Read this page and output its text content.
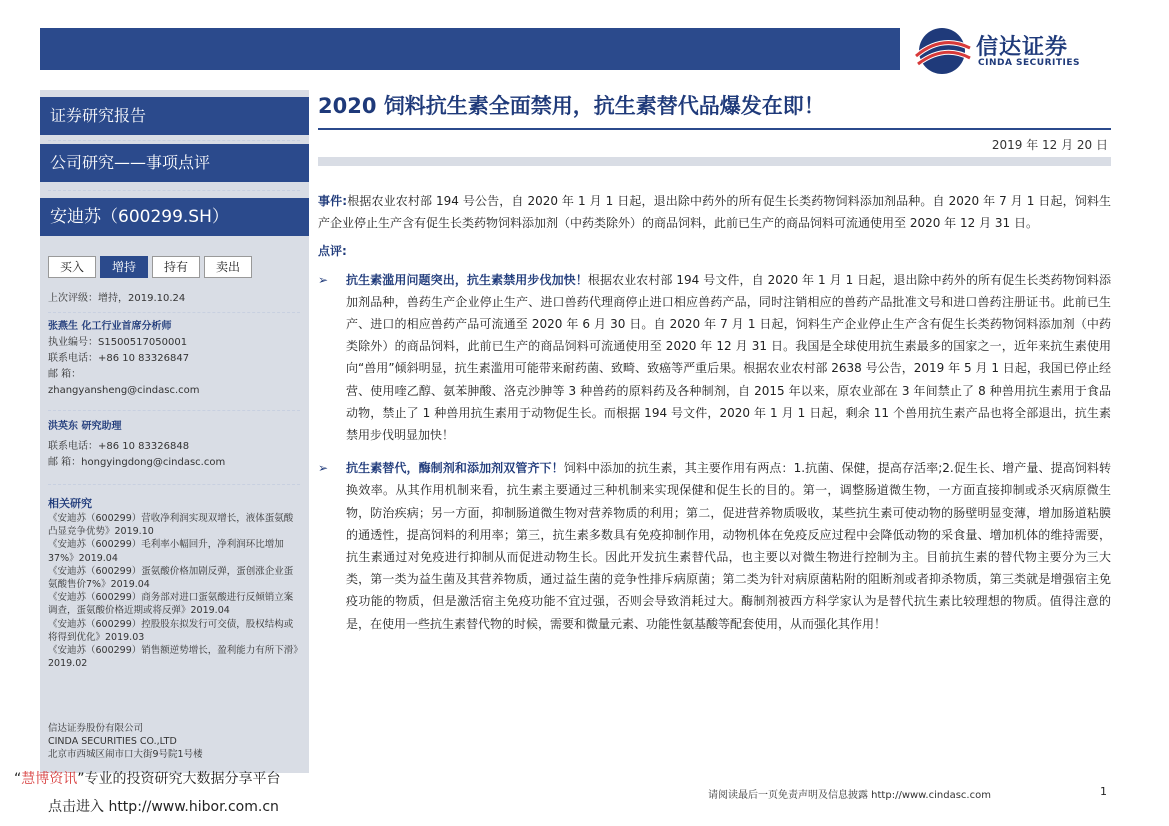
信达证券
CINDA SECURITIES
证券研究报告
公司研究——事项点评
安迪苏（600299.SH）
买入	增持	持有	卖出
上次评级：增持，2019.10.24
张燕生 化工行业首席分析师
执业编号：S1500517050001
联系电话：+86 10 83326847
邮 箱：
zhangyansheng@cindasc.com
洪英东 研究助理
联系电话：+86 10 83326848
邮 箱：hongyingdong@cindasc.com
相关研究
《安迪苏（600299）营收净利润实现双增长，液体蛋氨酸凸显竞争优势》2019.10
《安迪苏（600299）毛利率小幅回升，净利润环比增加37%》2019.04
《安迪苏（600299）蛋氨酸价格加剧反弹，蛋创涨企业蛋氨酸售价7%》2019.04
《安迪苏（600299）商务部对进口蛋氨酸进行反倾销立案调查，蛋氨酸价格近期或将反弹》2019.04
《安迪苏（600299）控股股东拟发行可交债，股权结构或将得到优化》2019.03
《安迪苏（600299）销售额逆势增长，盈利能力有所下滑》2019.02
信达证券股份有限公司
CINDA SECURITIES CO.,LTD
北京市西城区闹市口大街9号院1号楼
2020 饲料抗生素全面禁用，抗生素替代品爆发在即！
2019 年 12 月 20 日
事件:根据农业农村部 194 号公告，自 2020 年 1 月 1 日起，退出除中药外的所有促生长类药物饲料添加剂品种。自 2020 年 7 月 1 日起，饲料生产企业停止生产含有促生长类药物饲料添加剂（中药类除外）的商品饲料，此前已生产的商品饲料可流通使用至 2020 年 12 月 31 日。
点评:
➢ 抗生素滥用问题突出，抗生素禁用步伐加快！根据农业农村部 194 号文件，自 2020 年 1 月 1 日起，退出除中药外的所有促生长类药物饲料添加剂品种，兽药生产企业停止生产、进口兽药代理商停止进口相应兽药产品，同时注销相应的兽药产品批准文号和进口兽药注册证书。此前已生产、进口的相应兽药产品可流通至 2020 年 6 月 30 日。自 2020 年 7 月 1 日起，饲料生产企业停止生产含有促生长类药物饲料添加剂（中药类除外）的商品饲料，此前已生产的商品饲料可流通使用至 2020 年 12 月 31 日。我国是全球使用抗生素最多的国家之一，近年来抗生素使用向“兽用”倾斜明显，抗生素滥用可能带来耐药菌、致畸、致癌等严重后果。根据农业农村部 2638 号公告，2019 年 5 月 1 日起，我国已停止经营、使用喹乙醇、氨苯胂酸、洛克沙胂等 3 种兽药的原料药及各种制剂，自 2015 年以来，原农业部在 3 年间禁止了 8 种兽用抗生素用于食品动物，禁止了 1 种兽用抗生素用于动物促生长。而根据 194 号文件，2020 年 1 月 1 日起，剩余 11 个兽用抗生素产品也将全部退出，抗生素禁用步伐明显加快！
➢ 抗生素替代，酶制剂和添加剂双管齐下！饲料中添加的抗生素，其主要作用有两点：1.抗菌、保健，提高存活率;2.促生长、增产量、提高饲料转换效率。从其作用机制来看，抗生素主要通过三种机制来实现保健和促生长的目的。第一，调整肠道微生物，一方面直接抑制或杀灭病原微生物，防治疾病；另一方面，抑制肠道微生物对营养物质的利用；第二，促进营养物质吸收，某些抗生素可使动物的肠壁明显变薄，增加肠道粘膜的通透性，提高饲料的利用率；第三，抗生素多数具有免疫抑制作用，动物机体在免疫反应过程中会降低动物的采食量、增加机体的维持需要，抗生素通过对免疫进行抑制从而促进动物生长。因此开发抗生素替代品，也主要以对微生物进行控制为主。目前抗生素的替代物主要分为三大类，第一类为益生菌及其营养物质，通过益生菌的竞争性排斥病原菌；第二类为针对病原菌粘附的阻断剂或者抑杀物质，第三类就是增强宿主免疫功能的物质，但是激活宿主免疫功能不宜过强，否则会导致消耗过大。酶制剂被西方科学家认为是替代抗生素比较理想的物质。值得注意的是，在使用一些抗生素替代物的时候，需要和微量元素、功能性氨基酸等配套使用，从而强化其作用！
“慧博资讯”专业的投资研究大数据分享平台
点击进入 http://www.hibor.com.cn
请阅读最后一页免责声明及信息披露 http://www.cindasc.com	1
